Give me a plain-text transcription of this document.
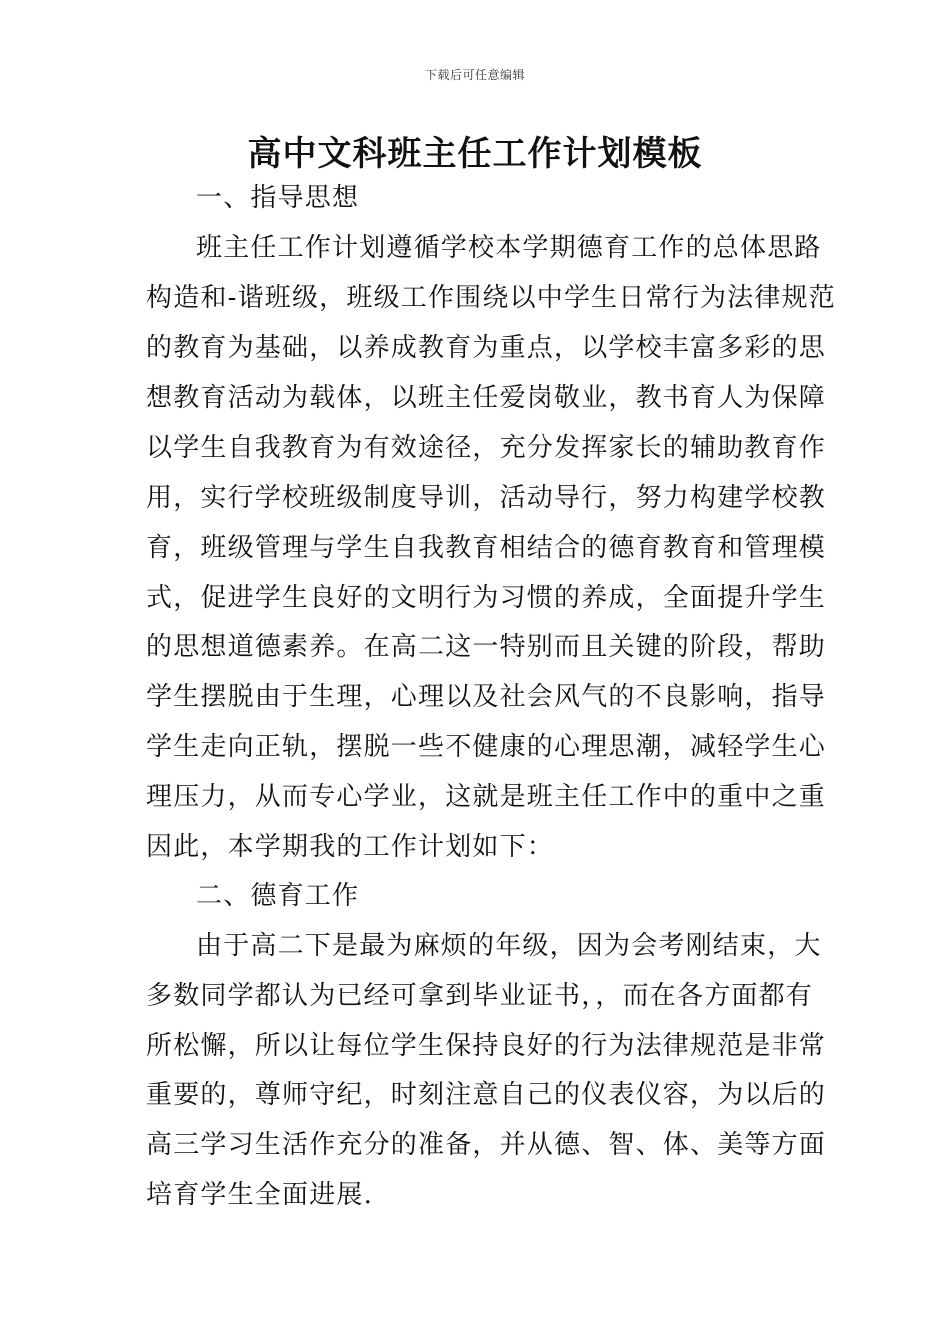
下载后可任意编辑
高中文科班主任工作计划模板
一、指导思想
班主任工作计划遵循学校本学期德育工作的总体思路
构造和-谐班级，班级工作围绕以中学生日常行为法律规范
的教育为基础，以养成教育为重点，以学校丰富多彩的思
想教育活动为载体，以班主任爱岗敬业，教书育人为保障
以学生自我教育为有效途径，充分发挥家长的辅助教育作
用，实行学校班级制度导训，活动导行，努力构建学校教
育，班级管理与学生自我教育相结合的德育教育和管理模
式，促进学生良好的文明行为习惯的养成，全面提升学生
的思想道德素养。在高二这一特别而且关键的阶段，帮助
学生摆脱由于生理，心理以及社会风气的不良影响，指导
学生走向正轨，摆脱一些不健康的心理思潮，减轻学生心
理压力，从而专心学业，这就是班主任工作中的重中之重
因此，本学期我的工作计划如下：
二、德育工作
由于高二下是最为麻烦的年级，因为会考刚结束，大
多数同学都认为已经可拿到毕业证书，，而在各方面都有
所松懈，所以让每位学生保持良好的行为法律规范是非常
重要的，尊师守纪，时刻注意自己的仪表仪容，为以后的
高三学习生活作充分的准备，并从德、智、体、美等方面
培育学生全面进展.
